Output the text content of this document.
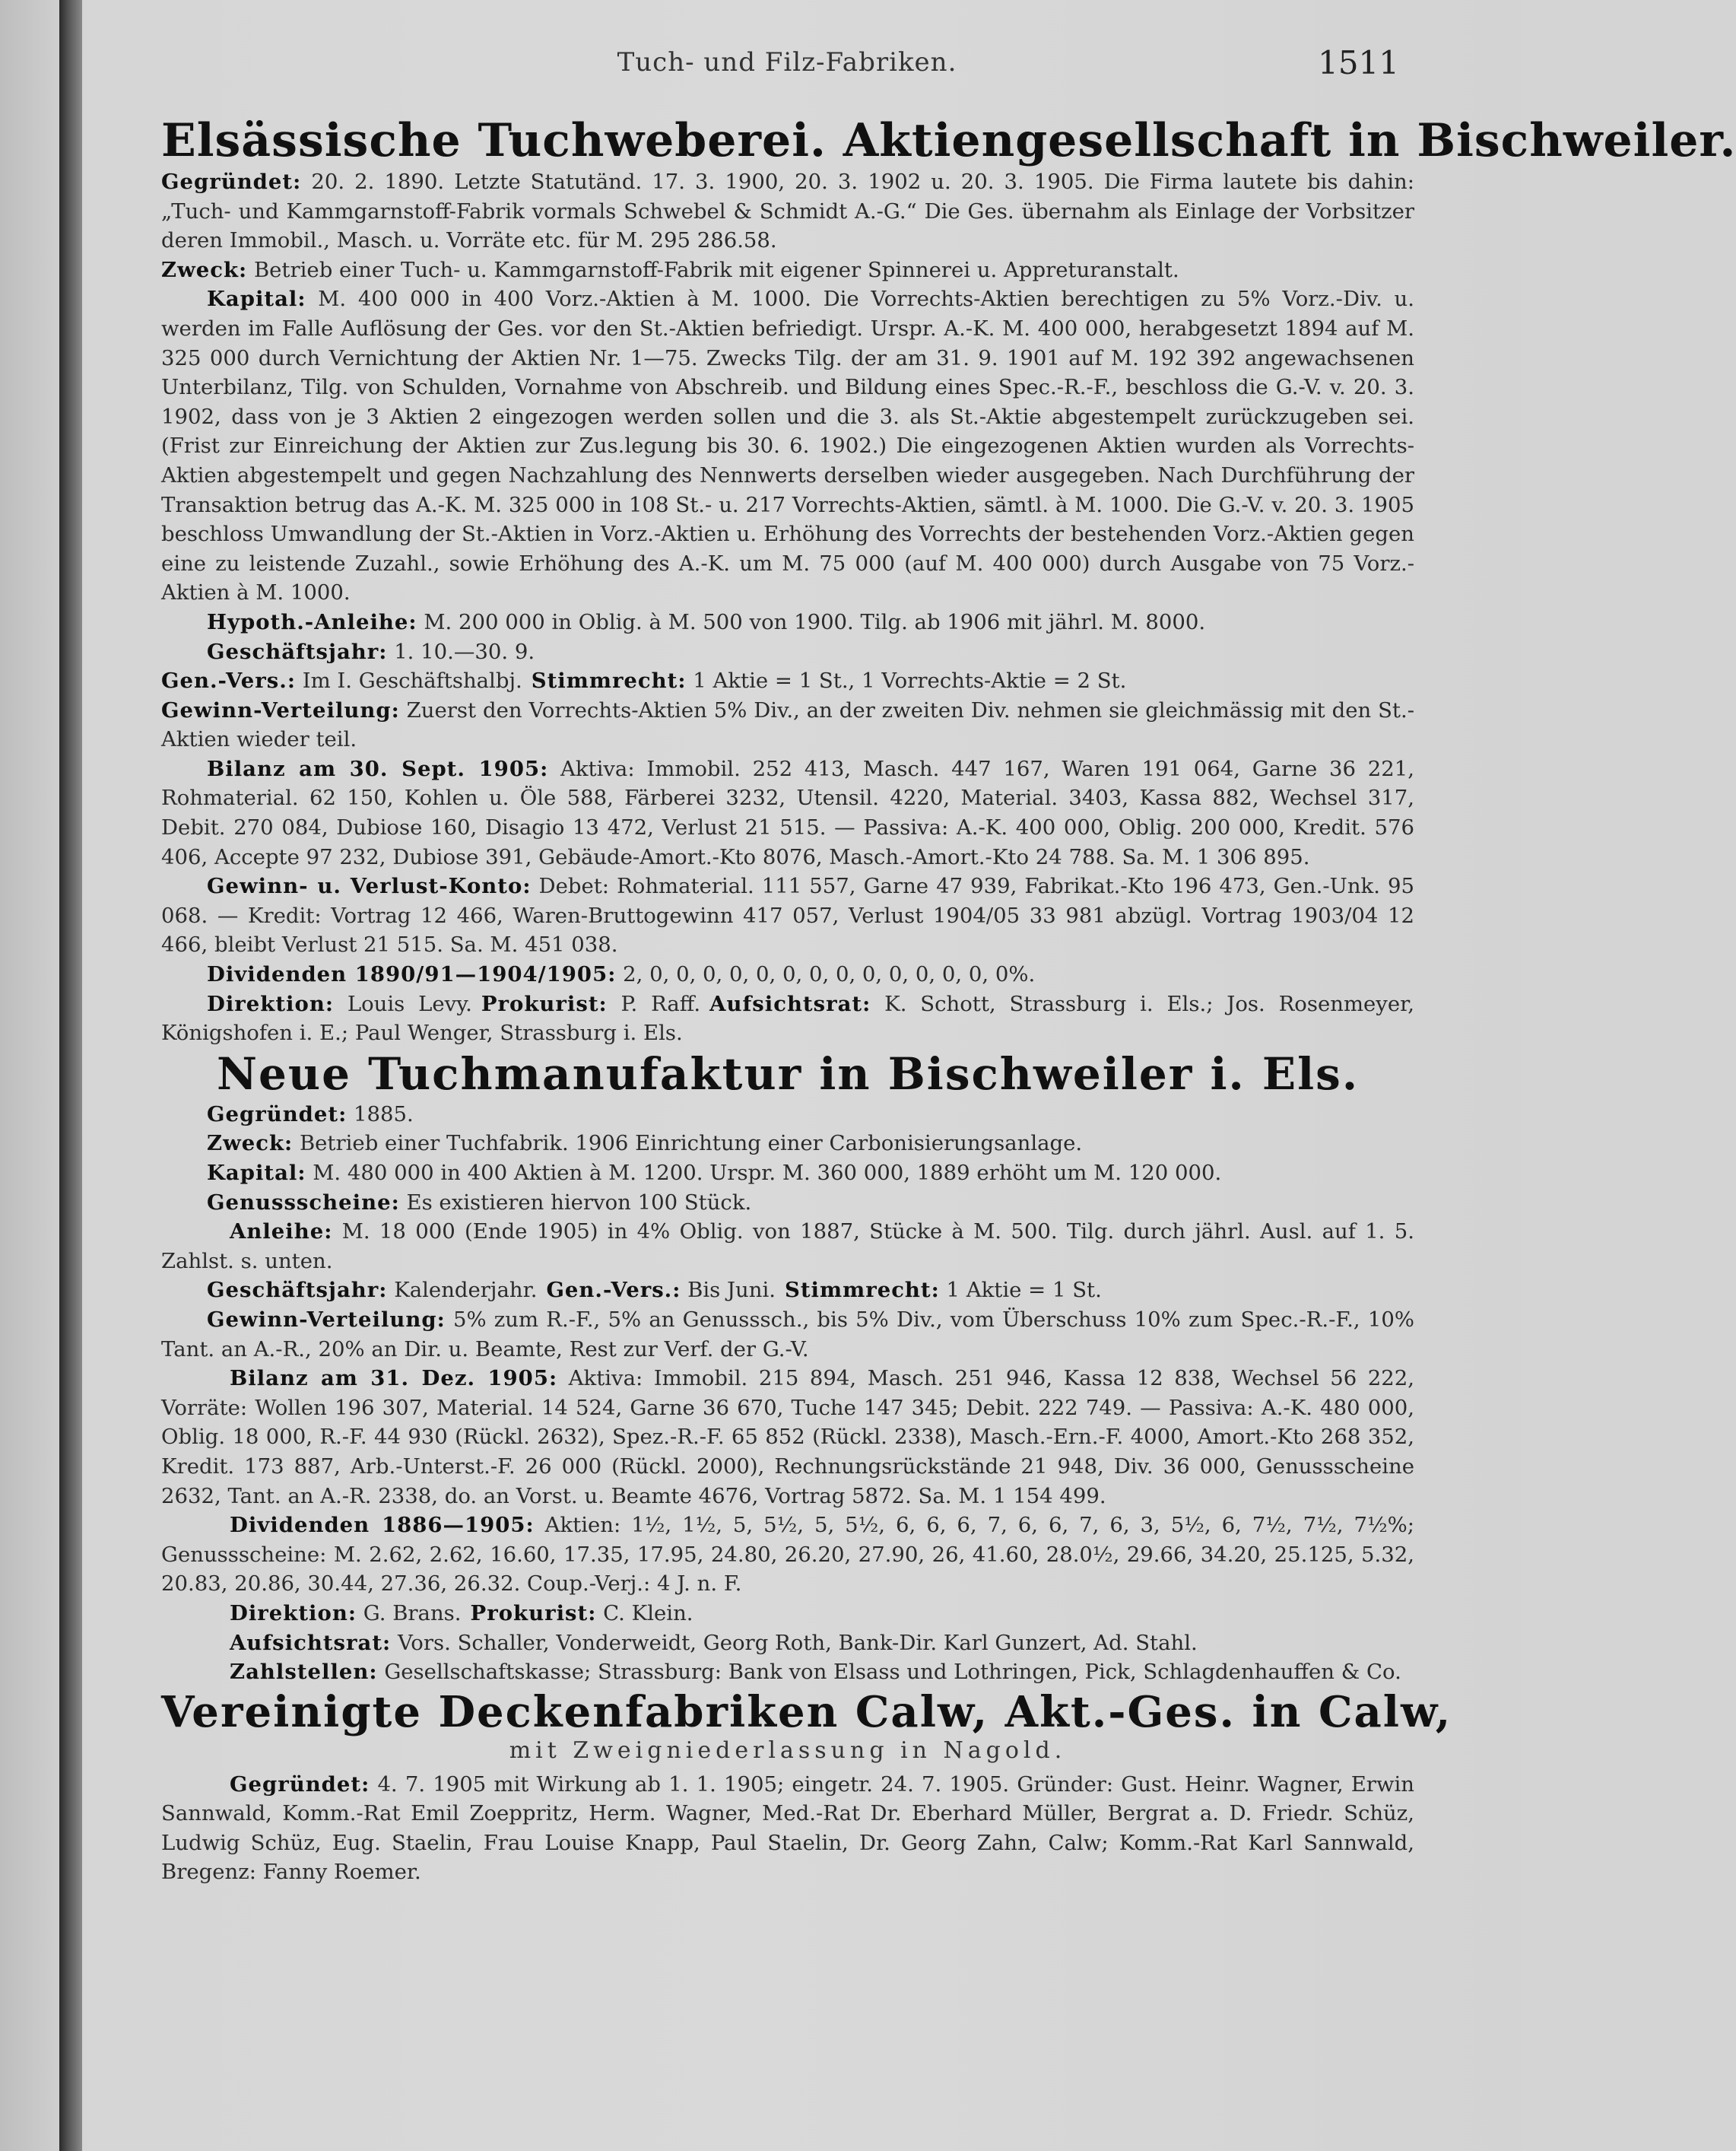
Tuch- und Filz-Fabriken.	1511
Elsässische Tuchweberei. Aktiengesellschaft in Bischweiler.

Gegründet: 20. 2. 1890. Letzte Statutänd. 17. 3. 1900, 20. 3. 1902 u. 20. 3. 1905. Die Firma lautete bis dahin: „Tuch- und Kammgarnstoff-Fabrik vormals Schwebel & Schmidt A.-G.“ Die Ges. übernahm als Einlage der Vorbsitzer deren Immobil., Masch. u. Vorräte etc. für M. 295 286.58.

Zweck: Betrieb einer Tuch- u. Kammgarnstoff-Fabrik mit eigener Spinnerei u. Appreturanstalt.

Kapital: M. 400 000 in 400 Vorz.-Aktien à M. 1000. Die Vorrechts-Aktien berechtigen zu 5% Vorz.-Div. u. werden im Falle Auflösung der Ges. vor den St.-Aktien befriedigt. Urspr. A.-K. M. 400 000, herabgesetzt 1894 auf M. 325 000 durch Vernichtung der Aktien Nr. 1—75. Zwecks Tilg. der am 31. 9. 1901 auf M. 192 392 angewachsenen Unterbilanz, Tilg. von Schulden, Vornahme von Abschreib. und Bildung eines Spec.-R.-F., beschloss die G.-V. v. 20. 3. 1902, dass von je 3 Aktien 2 eingezogen werden sollen und die 3. als St.-Aktie abgestempelt zurückzugeben sei. (Frist zur Einreichung der Aktien zur Zus.legung bis 30. 6. 1902.) Die eingezogenen Aktien wurden als Vorrechts-Aktien abgestempelt und gegen Nachzahlung des Nennwerts derselben wieder ausgegeben. Nach Durchführung der Transaktion betrug das A.-K. M. 325 000 in 108 St.- u. 217 Vorrechts-Aktien, sämtl. à M. 1000. Die G.-V. v. 20. 3. 1905 beschloss Umwandlung der St.-Aktien in Vorz.-Aktien u. Erhöhung des Vorrechts der bestehenden Vorz.-Aktien gegen eine zu leistende Zuzahl., sowie Erhöhung des A.-K. um M. 75 000 (auf M. 400 000) durch Ausgabe von 75 Vorz.-Aktien à M. 1000.

Hypoth.-Anleihe: M. 200 000 in Oblig. à M. 500 von 1900. Tilg. ab 1906 mit jährl. M. 8000.

Geschäftsjahr: 1. 10.—30. 9.

Gen.-Vers.: Im I. Geschäftshalbj. Stimmrecht: 1 Aktie = 1 St., 1 Vorrechts-Aktie = 2 St.

Gewinn-Verteilung: Zuerst den Vorrechts-Aktien 5% Div., an der zweiten Div. nehmen sie gleichmässig mit den St.-Aktien wieder teil.

Bilanz am 30. Sept. 1905: Aktiva: Immobil. 252 413, Masch. 447 167, Waren 191 064, Garne 36 221, Rohmaterial. 62 150, Kohlen u. Öle 588, Färberei 3232, Utensil. 4220, Material. 3403, Kassa 882, Wechsel 317, Debit. 270 084, Dubiose 160, Disagio 13 472, Verlust 21 515. — Passiva: A.-K. 400 000, Oblig. 200 000, Kredit. 576 406, Accepte 97 232, Dubiose 391, Gebäude-Amort.-Kto 8076, Masch.-Amort.-Kto 24 788. Sa. M. 1 306 895.

Gewinn- u. Verlust-Konto: Debet: Rohmaterial. 111 557, Garne 47 939, Fabrikat.-Kto 196 473, Gen.-Unk. 95 068. — Kredit: Vortrag 12 466, Waren-Bruttogewinn 417 057, Verlust 1904/05 33 981 abzügl. Vortrag 1903/04 12 466, bleibt Verlust 21 515. Sa. M. 451 038.

Dividenden 1890/91—1904/1905: 2, 0, 0, 0, 0, 0, 0, 0, 0, 0, 0, 0, 0, 0, 0%.

Direktion: Louis Levy. Prokurist: P. Raff. Aufsichtsrat: K. Schott, Strassburg i. Els.; Jos. Rosenmeyer, Königshofen i. E.; Paul Wenger, Strassburg i. Els.

Neue Tuchmanufaktur in Bischweiler i. Els.

Gegründet: 1885.

Zweck: Betrieb einer Tuchfabrik. 1906 Einrichtung einer Carbonisierungsanlage.

Kapital: M. 480 000 in 400 Aktien à M. 1200. Urspr. M. 360 000, 1889 erhöht um M. 120 000.

Genussscheine: Es existieren hiervon 100 Stück.

Anleihe: M. 18 000 (Ende 1905) in 4% Oblig. von 1887, Stücke à M. 500. Tilg. durch jährl. Ausl. auf 1. 5. Zahlst. s. unten.

Geschäftsjahr: Kalenderjahr. Gen.-Vers.: Bis Juni. Stimmrecht: 1 Aktie = 1 St.

Gewinn-Verteilung: 5% zum R.-F., 5% an Genusssch., bis 5% Div., vom Überschuss 10% zum Spec.-R.-F., 10% Tant. an A.-R., 20% an Dir. u. Beamte, Rest zur Verf. der G.-V.

Bilanz am 31. Dez. 1905: Aktiva: Immobil. 215 894, Masch. 251 946, Kassa 12 838, Wechsel 56 222, Vorräte: Wollen 196 307, Material. 14 524, Garne 36 670, Tuche 147 345; Debit. 222 749. — Passiva: A.-K. 480 000, Oblig. 18 000, R.-F. 44 930 (Rückl. 2632), Spez.-R.-F. 65 852 (Rückl. 2338), Masch.-Ern.-F. 4000, Amort.-Kto 268 352, Kredit. 173 887, Arb.-Unterst.-F. 26 000 (Rückl. 2000), Rechnungsrückstände 21 948, Div. 36 000, Genussscheine 2632, Tant. an A.-R. 2338, do. an Vorst. u. Beamte 4676, Vortrag 5872. Sa. M. 1 154 499.

Dividenden 1886—1905: Aktien: 1½, 1½, 5, 5½, 5, 5½, 6, 6, 6, 7, 6, 6, 7, 6, 3, 5½, 6, 7½, 7½, 7½%; Genussscheine: M. 2.62, 2.62, 16.60, 17.35, 17.95, 24.80, 26.20, 27.90, 26, 41.60, 28.0½, 29.66, 34.20, 25.125, 5.32, 20.83, 20.86, 30.44, 27.36, 26.32. Coup.-Verj.: 4 J. n. F.

Direktion: G. Brans. Prokurist: C. Klein.

Aufsichtsrat: Vors. Schaller, Vonderweidt, Georg Roth, Bank-Dir. Karl Gunzert, Ad. Stahl.

Zahlstellen: Gesellschaftskasse; Strassburg: Bank von Elsass und Lothringen, Pick, Schlagdenhauffen & Co.

Vereinigte Deckenfabriken Calw, Akt.-Ges. in Calw,

mit Zweigniederlassung in Nagold.

Gegründet: 4. 7. 1905 mit Wirkung ab 1. 1. 1905; eingetr. 24. 7. 1905. Gründer: Gust. Heinr. Wagner, Erwin Sannwald, Komm.-Rat Emil Zoeppritz, Herm. Wagner, Med.-Rat Dr. Eberhard Müller, Bergrat a. D. Friedr. Schüz, Ludwig Schüz, Eug. Staelin, Frau Louise Knapp, Paul Staelin, Dr. Georg Zahn, Calw; Komm.-Rat Karl Sannwald, Bregenz: Fanny Roemer.
